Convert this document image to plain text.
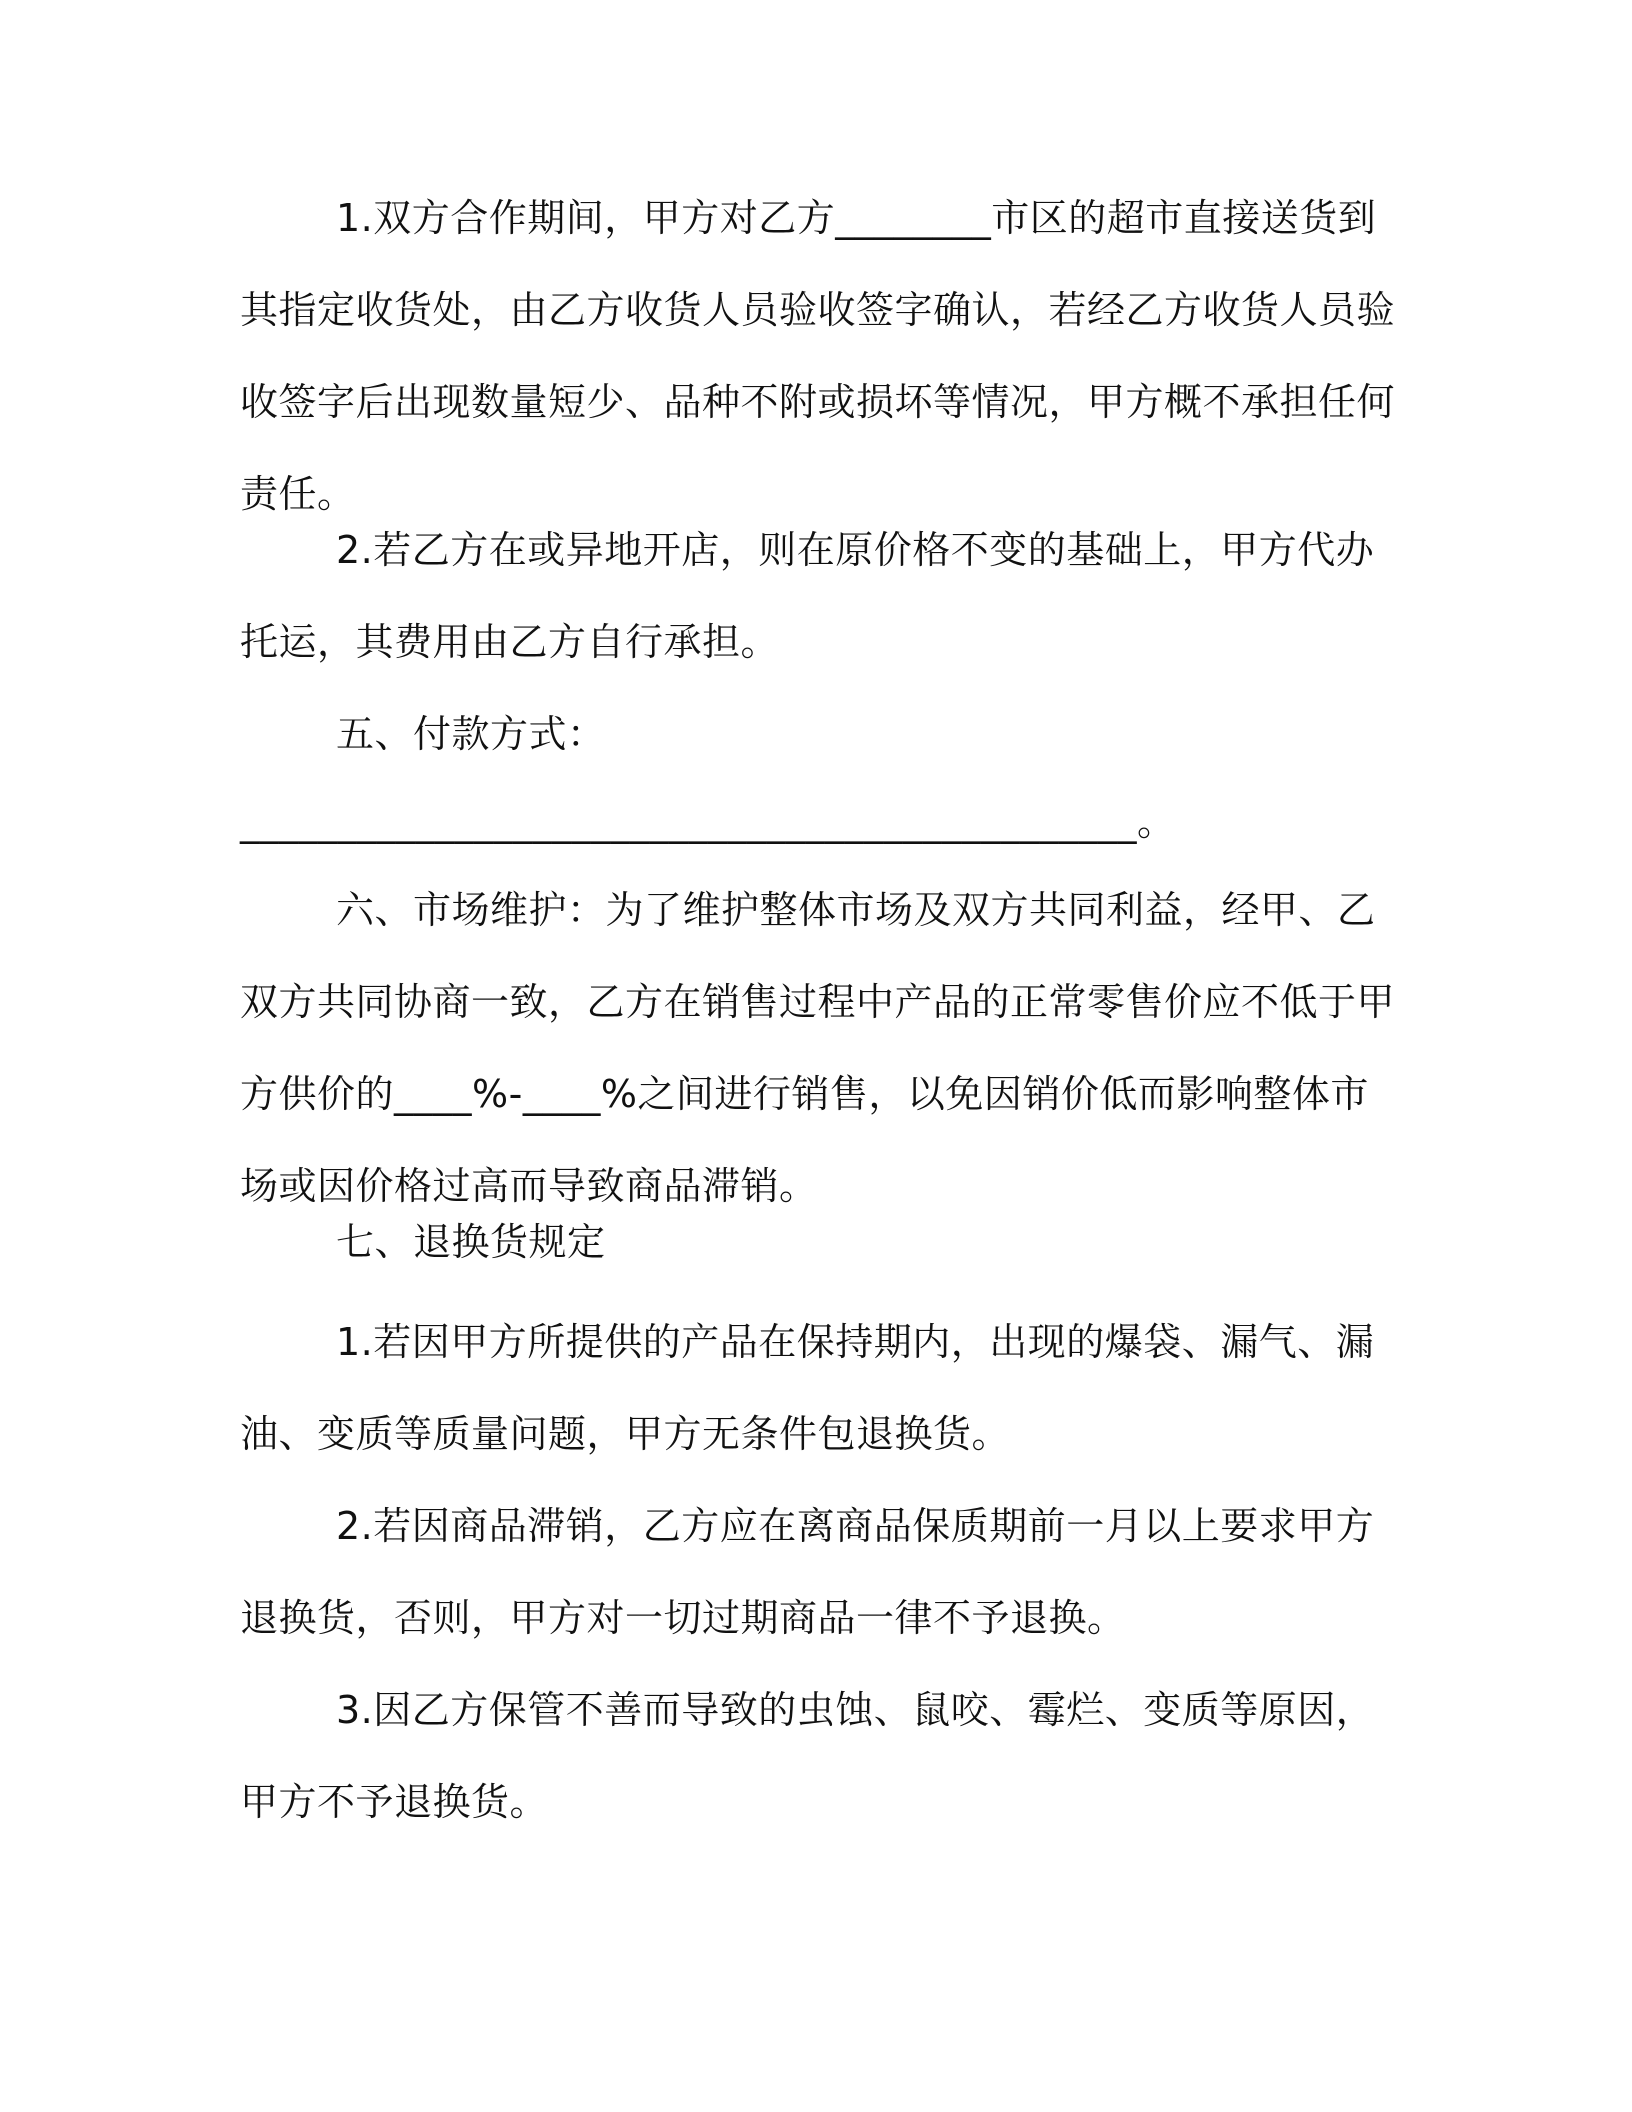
1.双方合作期间，甲方对乙方________市区的超市直接送货到其指定收货处，由乙方收货人员验收签字确认，若经乙方收货人员验收签字后出现数量短少、品种不附或损坏等情况，甲方概不承担任何责任。

2.若乙方在或异地开店，则在原价格不变的基础上，甲方代办托运，其费用由乙方自行承担。

五、付款方式：

______________________________________________。

六、市场维护：为了维护整体市场及双方共同利益，经甲、乙双方共同协商一致，乙方在销售过程中产品的正常零售价应不低于甲方供价的____%-____%之间进行销售，以免因销价低而影响整体市场或因价格过高而导致商品滞销。

七、退换货规定

1.若因甲方所提供的产品在保持期内，出现的爆袋、漏气、漏油、变质等质量问题，甲方无条件包退换货。

2.若因商品滞销，乙方应在离商品保质期前一月以上要求甲方退换货，否则，甲方对一切过期商品一律不予退换。

3.因乙方保管不善而导致的虫蚀、鼠咬、霉烂、变质等原因，甲方不予退换货。
